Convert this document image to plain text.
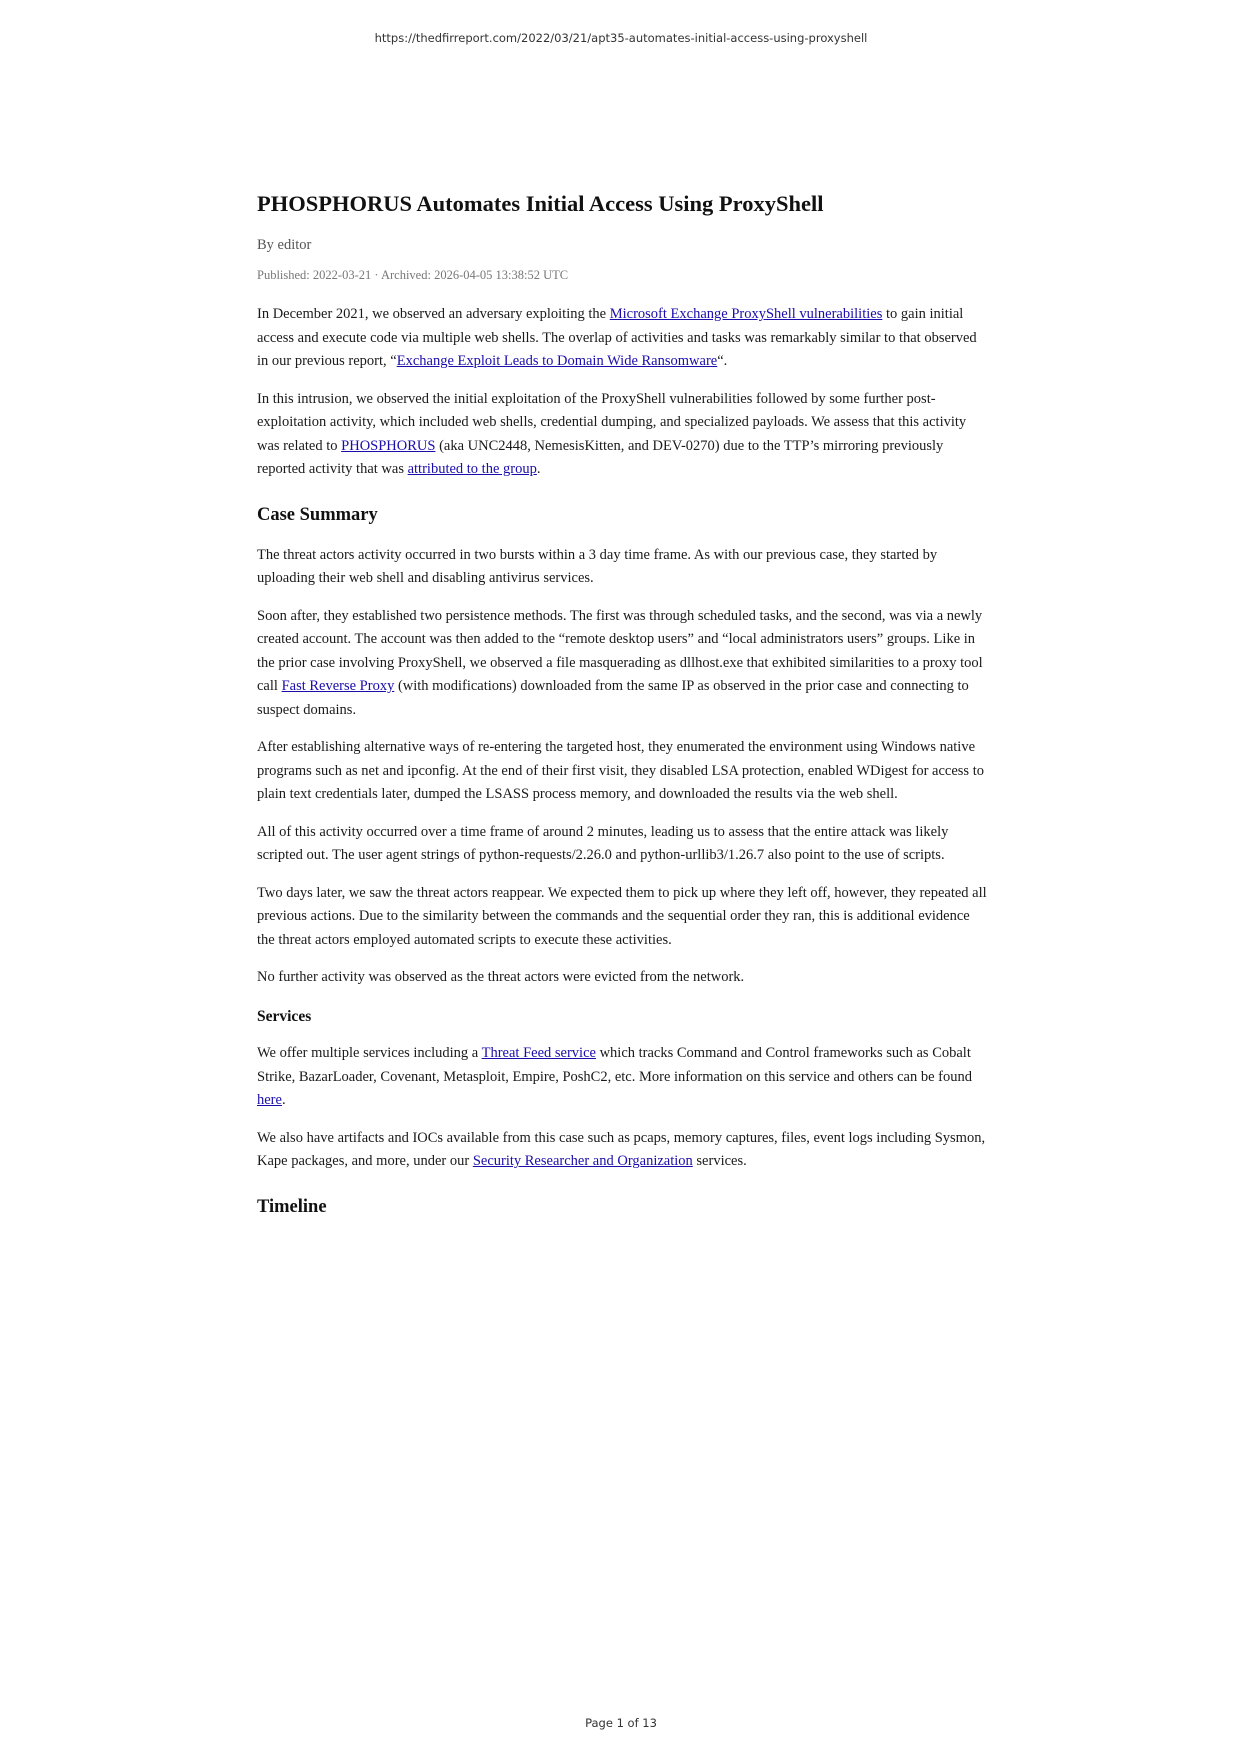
https://thedfirreport.com/2022/03/21/apt35-automates-initial-access-using-proxyshell
PHOSPHORUS Automates Initial Access Using ProxyShell
By editor
Published: 2022-03-21 · Archived: 2026-04-05 13:38:52 UTC

In December 2021, we observed an adversary exploiting the Microsoft Exchange ProxyShell vulnerabilities to gain initial access and execute code via multiple web shells. The overlap of activities and tasks was remarkably similar to that observed in our previous report, “Exchange Exploit Leads to Domain Wide Ransomware“.

In this intrusion, we observed the initial exploitation of the ProxyShell vulnerabilities followed by some further post-exploitation activity, which included web shells, credential dumping, and specialized payloads. We assess that this activity was related to PHOSPHORUS (aka UNC2448, NemesisKitten, and DEV-0270) due to the TTP’s mirroring previously reported activity that was attributed to the group.

Case Summary

The threat actors activity occurred in two bursts within a 3 day time frame. As with our previous case, they started by uploading their web shell and disabling antivirus services.

Soon after, they established two persistence methods. The first was through scheduled tasks, and the second, was via a newly created account. The account was then added to the “remote desktop users” and “local administrators users” groups. Like in the prior case involving ProxyShell, we observed a file masquerading as dllhost.exe that exhibited similarities to a proxy tool call Fast Reverse Proxy (with modifications) downloaded from the same IP as observed in the prior case and connecting to suspect domains.

After establishing alternative ways of re-entering the targeted host, they enumerated the environment using Windows native programs such as net and ipconfig. At the end of their first visit, they disabled LSA protection, enabled WDigest for access to plain text credentials later, dumped the LSASS process memory, and downloaded the results via the web shell.

All of this activity occurred over a time frame of around 2 minutes, leading us to assess that the entire attack was likely scripted out. The user agent strings of python-requests/2.26.0 and python-urllib3/1.26.7 also point to the use of scripts.

Two days later, we saw the threat actors reappear. We expected them to pick up where they left off, however, they repeated all previous actions. Due to the similarity between the commands and the sequential order they ran, this is additional evidence the threat actors employed automated scripts to execute these activities.

No further activity was observed as the threat actors were evicted from the network.

Services

We offer multiple services including a Threat Feed service which tracks Command and Control frameworks such as Cobalt Strike, BazarLoader, Covenant, Metasploit, Empire, PoshC2, etc. More information on this service and others can be found here.

We also have artifacts and IOCs available from this case such as pcaps, memory captures, files, event logs including Sysmon, Kape packages, and more, under our Security Researcher and Organization services.

Timeline
Page 1 of 13
